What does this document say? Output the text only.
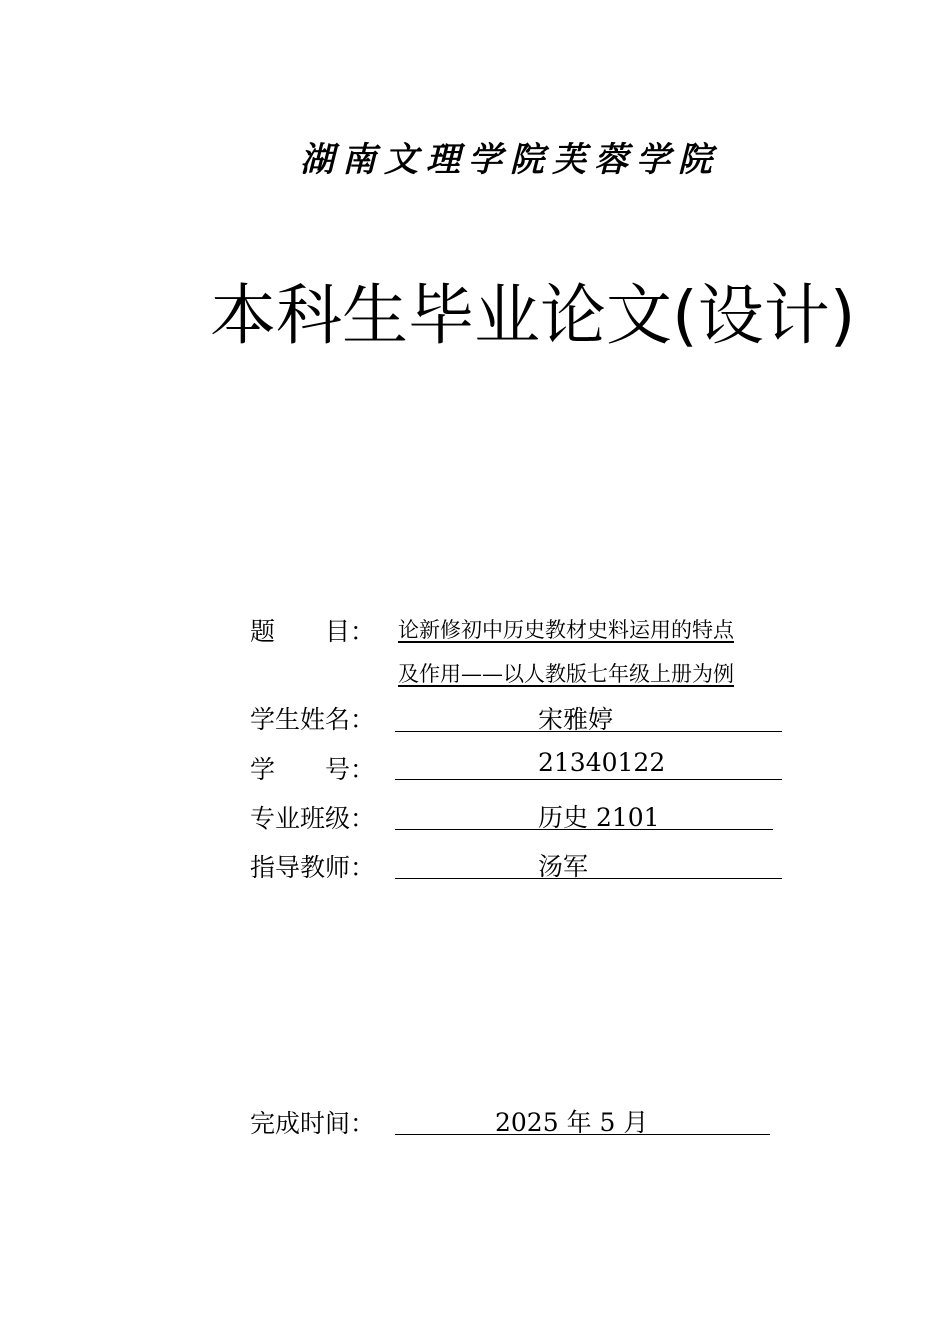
湖南文理学院芙蓉学院
本科生毕业论文(设计)
题　　目： 论新修初中历史教材史料运用的特点
及作用——以人教版七年级上册为例
学生姓名：	宋雅婷
学　　号：	21340122
专业班级：	历史 2101
指导教师：	汤军
完成时间：	2025 年 5 月
